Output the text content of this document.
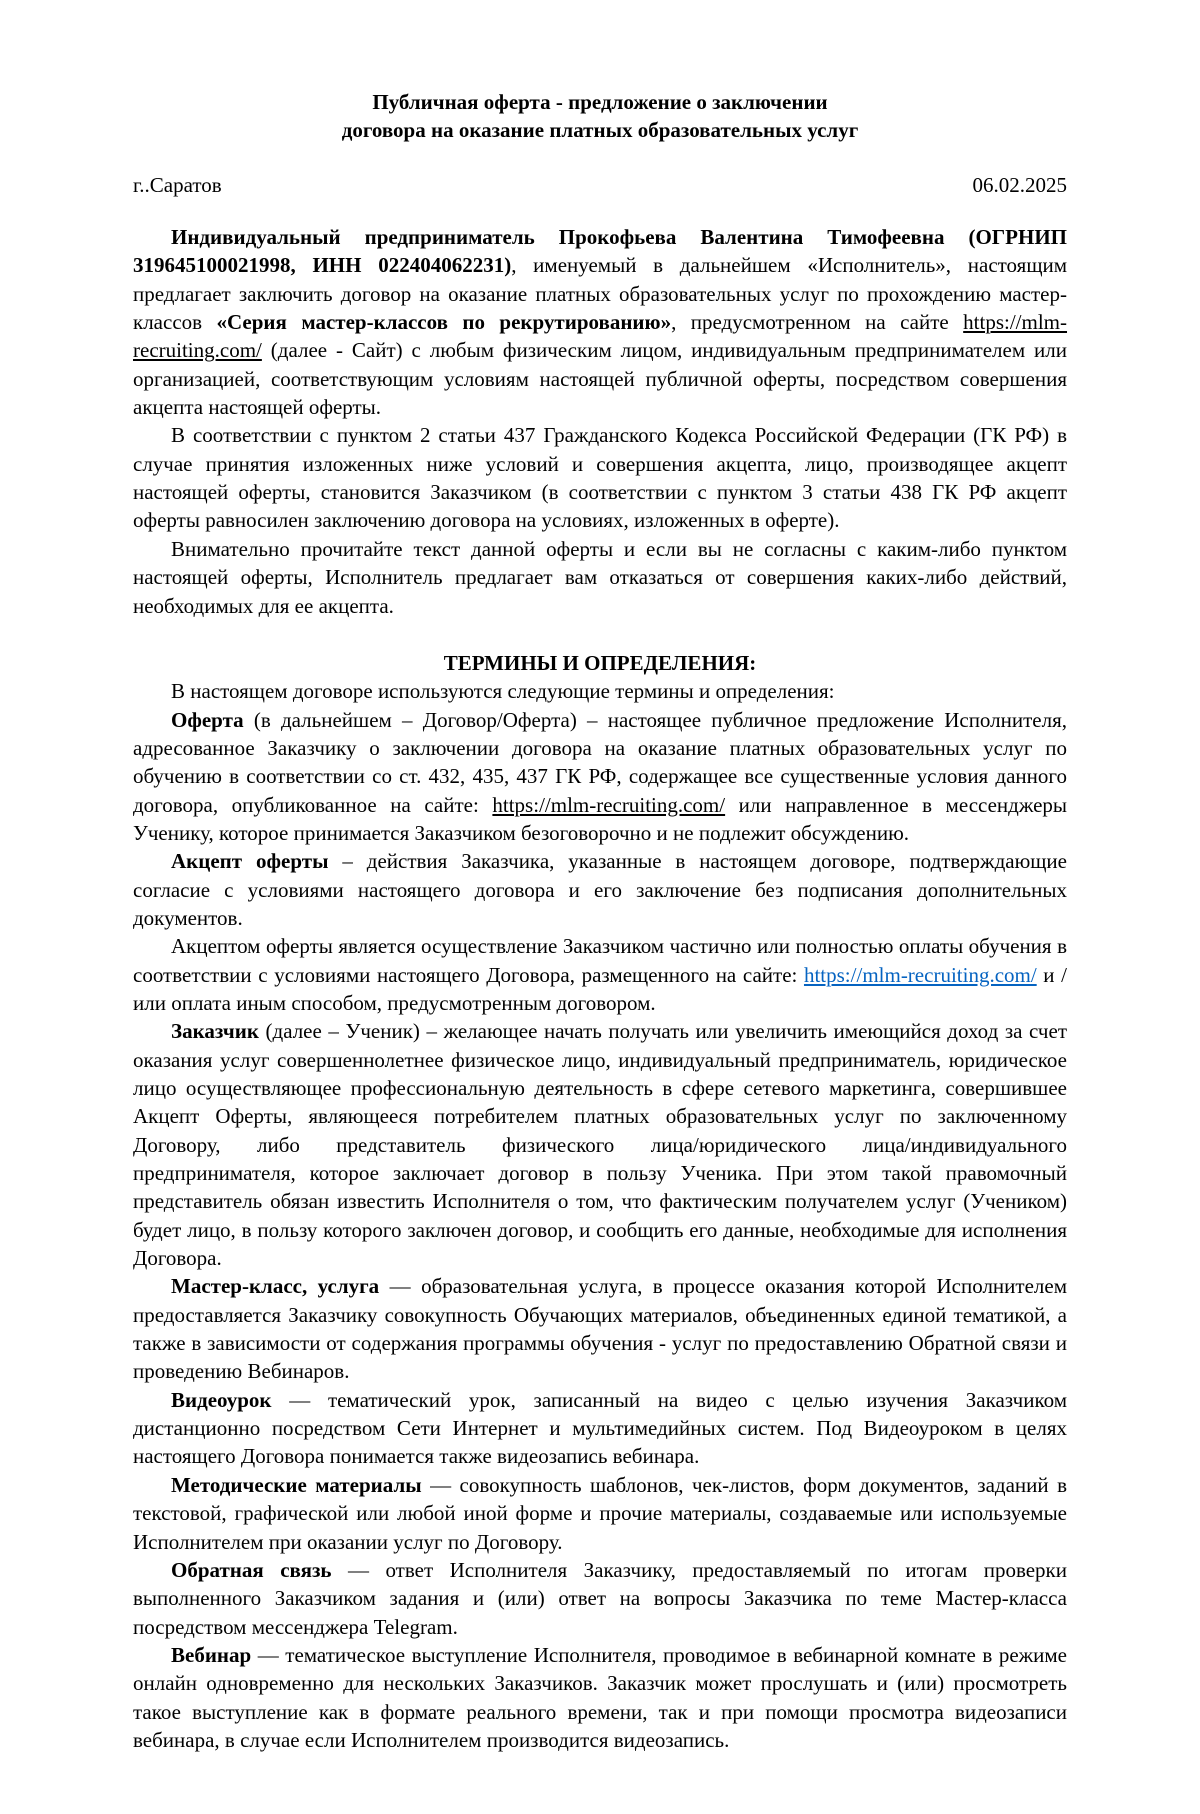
Публичная оферта - предложение о заключении
договора на оказание платных образовательных услуг
г..Саратов	06.02.2025

Индивидуальный предприниматель Прокофьева Валентина Тимофеевна (ОГРНИП 319645100021998, ИНН 022404062231), именуемый в дальнейшем «Исполнитель», настоящим предлагает заключить договор на оказание платных образовательных услуг по прохождению мастер-классов «Серия мастер-классов по рекрутированию», предусмотренном на сайте https://mlm-recruiting.com/ (далее - Сайт) с любым физическим лицом, индивидуальным предпринимателем или организацией, соответствующим условиям настоящей публичной оферты, посредством совершения акцепта настоящей оферты.

В соответствии с пунктом 2 статьи 437 Гражданского Кодекса Российской Федерации (ГК РФ) в случае принятия изложенных ниже условий и совершения акцепта, лицо, производящее акцепт настоящей оферты, становится Заказчиком (в соответствии с пунктом 3 статьи 438 ГК РФ акцепт оферты равносилен заключению договора на условиях, изложенных в оферте).

Внимательно прочитайте текст данной оферты и если вы не согласны с каким-либо пунктом настоящей оферты, Исполнитель предлагает вам отказаться от совершения каких-либо действий, необходимых для ее акцепта.

ТЕРМИНЫ И ОПРЕДЕЛЕНИЯ:

В настоящем договоре используются следующие термины и определения:

Оферта (в дальнейшем – Договор/Оферта) – настоящее публичное предложение Исполнителя, адресованное Заказчику о заключении договора на оказание платных образовательных услуг по обучению в соответствии со ст. 432, 435, 437 ГК РФ, содержащее все существенные условия данного договора, опубликованное на сайте: https://mlm-recruiting.com/ или направленное в мессенджеры Ученику, которое принимается Заказчиком безоговорочно и не подлежит обсуждению.

Акцепт оферты – действия Заказчика, указанные в настоящем договоре, подтверждающие согласие с условиями настоящего договора и его заключение без подписания дополнительных документов.

Акцептом оферты является осуществление Заказчиком частично или полностью оплаты обучения в соответствии с условиями настоящего Договора, размещенного на сайте: https://mlm-recruiting.com/ и /или оплата иным способом, предусмотренным договором.

Заказчик (далее – Ученик) – желающее начать получать или увеличить имеющийся доход за счет оказания услуг совершеннолетнее физическое лицо, индивидуальный предприниматель, юридическое лицо осуществляющее профессиональную деятельность в сфере сетевого маркетинга, совершившее Акцепт Оферты, являющееся потребителем платных образовательных услуг по заключенному Договору, либо представитель физического лица/юридического лица/индивидуального предпринимателя, которое заключает договор в пользу Ученика. При этом такой правомочный представитель обязан известить Исполнителя о том, что фактическим получателем услуг (Учеником) будет лицо, в пользу которого заключен договор, и сообщить его данные, необходимые для исполнения Договора.

Мастер-класс, услуга — образовательная услуга, в процессе оказания которой Исполнителем предоставляется Заказчику совокупность Обучающих материалов, объединенных единой тематикой, а также в зависимости от содержания программы обучения - услуг по предоставлению Обратной связи и проведению Вебинаров.

Видеоурок — тематический урок, записанный на видео с целью изучения Заказчиком дистанционно посредством Сети Интернет и мультимедийных систем. Под Видеоуроком в целях настоящего Договора понимается также видеозапись вебинара.

Методические материалы — совокупность шаблонов, чек-листов, форм документов, заданий в текстовой, графической или любой иной форме и прочие материалы, создаваемые или используемые Исполнителем при оказании услуг по Договору.

Обратная связь — ответ Исполнителя Заказчику, предоставляемый по итогам проверки выполненного Заказчиком задания и (или) ответ на вопросы Заказчика по теме Мастер-класса посредством мессенджера Telegram.

Вебинар — тематическое выступление Исполнителя, проводимое в вебинарной комнате в режиме онлайн одновременно для нескольких Заказчиков. Заказчик может прослушать и (или) просмотреть такое выступление как в формате реального времени, так и при помощи просмотра видеозаписи вебинара, в случае если Исполнителем производится видеозапись.
